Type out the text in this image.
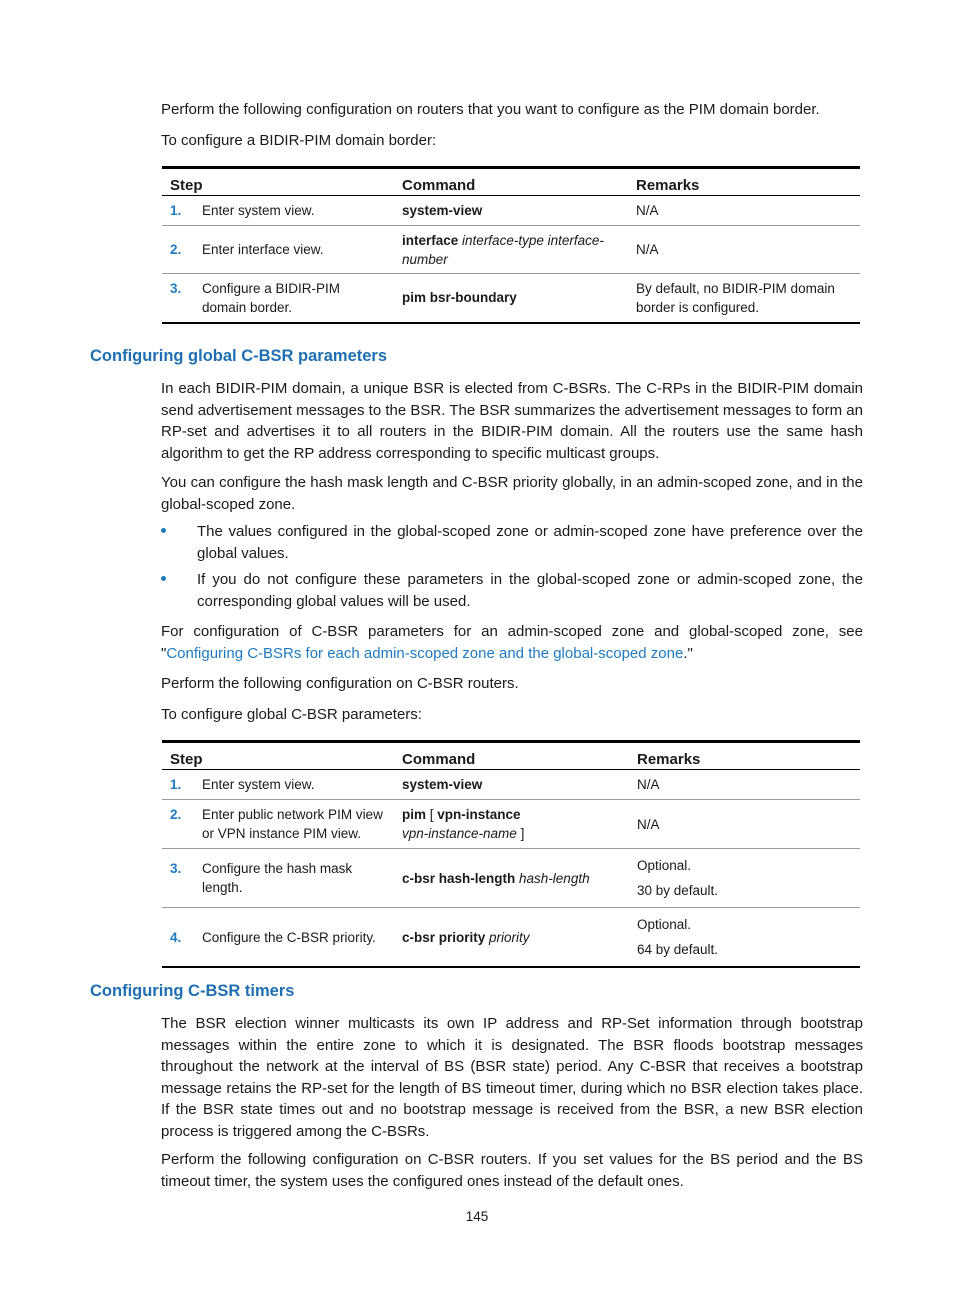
Perform the following configuration on routers that you want to configure as the PIM domain border.

To configure a BIDIR-PIM domain border:

Step	Command	Remarks

1. Enter system view.	system-view	N/A

2. Enter interface view.	interface interface-type interface-number	N/A

3. Configure a BIDIR-PIM domain border.	pim bsr-boundary	By default, no BIDIR-PIM domain border is configured.
Configuring global C-BSR parameters

In each BIDIR-PIM domain, a unique BSR is elected from C-BSRs. The C-RPs in the BIDIR-PIM domain send advertisement messages to the BSR. The BSR summarizes the advertisement messages to form an RP-set and advertises it to all routers in the BIDIR-PIM domain. All the routers use the same hash algorithm to get the RP address corresponding to specific multicast groups.

You can configure the hash mask length and C-BSR priority globally, in an admin-scoped zone, and in the global-scoped zone.

The values configured in the global-scoped zone or admin-scoped zone have preference over the global values.

If you do not configure these parameters in the global-scoped zone or admin-scoped zone, the corresponding global values will be used.

For configuration of C-BSR parameters for an admin-scoped zone and global-scoped zone, see "Configuring C-BSRs for each admin-scoped zone and the global-scoped zone."

Perform the following configuration on C-BSR routers.

To configure global C-BSR parameters:

Step	Command	Remarks

1. Enter system view.	system-view	N/A

2. Enter public network PIM view or VPN instance PIM view.	pim [ vpn-instance
vpn-instance-name ]	N/A

3. Configure the hash mask length.	c-bsr hash-length hash-length	Optional.
30 by default.

4. Configure the C-BSR priority.	c-bsr priority priority	Optional.
64 by default.
Configuring C-BSR timers

The BSR election winner multicasts its own IP address and RP-Set information through bootstrap messages within the entire zone to which it is designated. The BSR floods bootstrap messages throughout the network at the interval of BS (BSR state) period. Any C-BSR that receives a bootstrap message retains the RP-set for the length of BS timeout timer, during which no BSR election takes place. If the BSR state times out and no bootstrap message is received from the BSR, a new BSR election process is triggered among the C-BSRs.

Perform the following configuration on C-BSR routers. If you set values for the BS period and the BS timeout timer, the system uses the configured ones instead of the default ones.

145
